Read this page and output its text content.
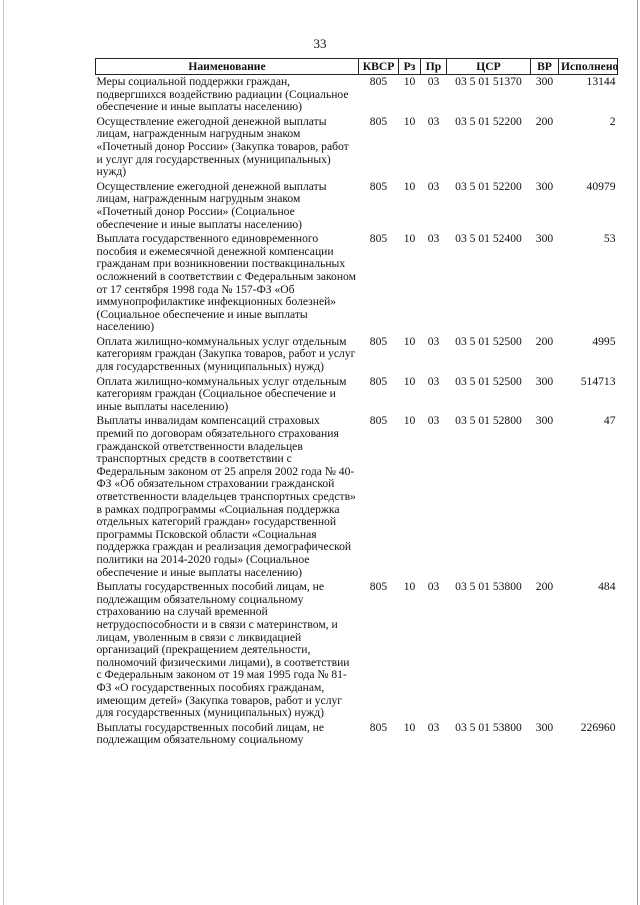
33
Наименование	КВСР	Рз	Пр	ЦСР	ВР	Исполнено
Меры социальной поддержки граждан, подвергшихся воздействию радиации (Социальное обеспечение и иные выплаты населению)	805	10	03	03 5 01 51370	300	13144
Осуществление ежегодной денежной выплаты лицам, награжденным нагрудным знаком «Почетный донор России» (Закупка товаров, работ и услуг для государственных (муниципальных) нужд)	805	10	03	03 5 01 52200	200	2
Осуществление ежегодной денежной выплаты лицам, награжденным нагрудным знаком «Почетный донор России» (Социальное обеспечение и иные выплаты населению)	805	10	03	03 5 01 52200	300	40979
Выплата государственного единовременного пособия и ежемесячной денежной компенсации гражданам при возникновении поствакцинальных осложнений в соответствии с Федеральным законом от 17 сентября 1998 года № 157-ФЗ «Об иммунопрофилактике инфекционных болезней» (Социальное обеспечение и иные выплаты населению)	805	10	03	03 5 01 52400	300	53
Оплата жилищно-коммунальных услуг отдельным категориям граждан (Закупка товаров, работ и услуг для государственных (муниципальных) нужд)	805	10	03	03 5 01 52500	200	4995
Оплата жилищно-коммунальных услуг отдельным категориям граждан (Социальное обеспечение и иные выплаты населению)	805	10	03	03 5 01 52500	300	514713
Выплаты инвалидам компенсаций страховых премий по договорам обязательного страхования гражданской ответственности владельцев транспортных средств в соответствии с Федеральным законом от 25 апреля 2002 года № 40-ФЗ «Об обязательном страховании гражданской ответственности владельцев транспортных средств» в рамках подпрограммы «Социальная поддержка отдельных категорий граждан» государственной программы Псковской области «Социальная поддержка граждан и реализация демографической политики на 2014-2020 годы» (Социальное обеспечение и иные выплаты населению)	805	10	03	03 5 01 52800	300	47
Выплаты государственных пособий лицам, не подлежащим обязательному социальному страхованию на случай временной нетрудоспособности и в связи с материнством, и лицам, уволенным в связи с ликвидацией организаций (прекращением деятельности, полномочий физическими лицами), в соответствии с Федеральным законом от 19 мая 1995 года № 81-ФЗ «О государственных пособиях гражданам, имеющим детей» (Закупка товаров, работ и услуг для государственных (муниципальных) нужд)	805	10	03	03 5 01 53800	200	484
Выплаты государственных пособий лицам, не подлежащим обязательному социальному	805	10	03	03 5 01 53800	300	226960
